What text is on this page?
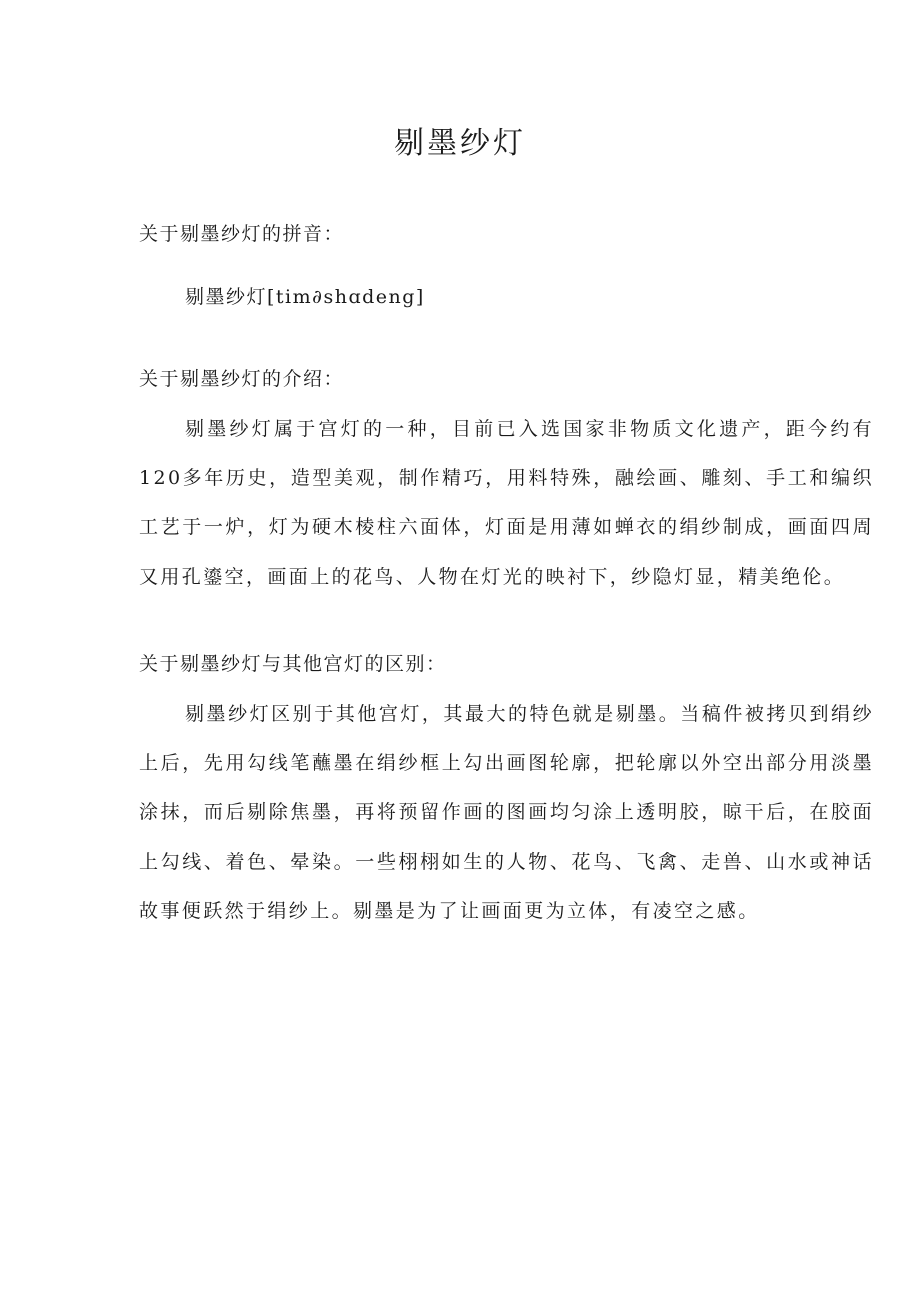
剔墨纱灯

关于剔墨纱灯的拼音：

剔墨纱灯[tim∂shɑdeng]

关于剔墨纱灯的介绍：

剔墨纱灯属于宫灯的一种，目前已入选国家非物质文化遗产，距今约有120多年历史，造型美观，制作精巧，用料特殊，融绘画、雕刻、手工和编织工艺于一炉，灯为硬木棱柱六面体，灯面是用薄如蝉衣的绢纱制成，画面四周又用孔鎏空，画面上的花鸟、人物在灯光的映衬下，纱隐灯显，精美绝伦。

关于剔墨纱灯与其他宫灯的区别：

剔墨纱灯区别于其他宫灯，其最大的特色就是剔墨。当稿件被拷贝到绢纱上后，先用勾线笔蘸墨在绢纱框上勾出画图轮廓，把轮廓以外空出部分用淡墨涂抹，而后剔除焦墨，再将预留作画的图画均匀涂上透明胶，晾干后，在胶面上勾线、着色、晕染。一些栩栩如生的人物、花鸟、飞禽、走兽、山水或神话故事便跃然于绢纱上。剔墨是为了让画面更为立体，有凌空之感。
